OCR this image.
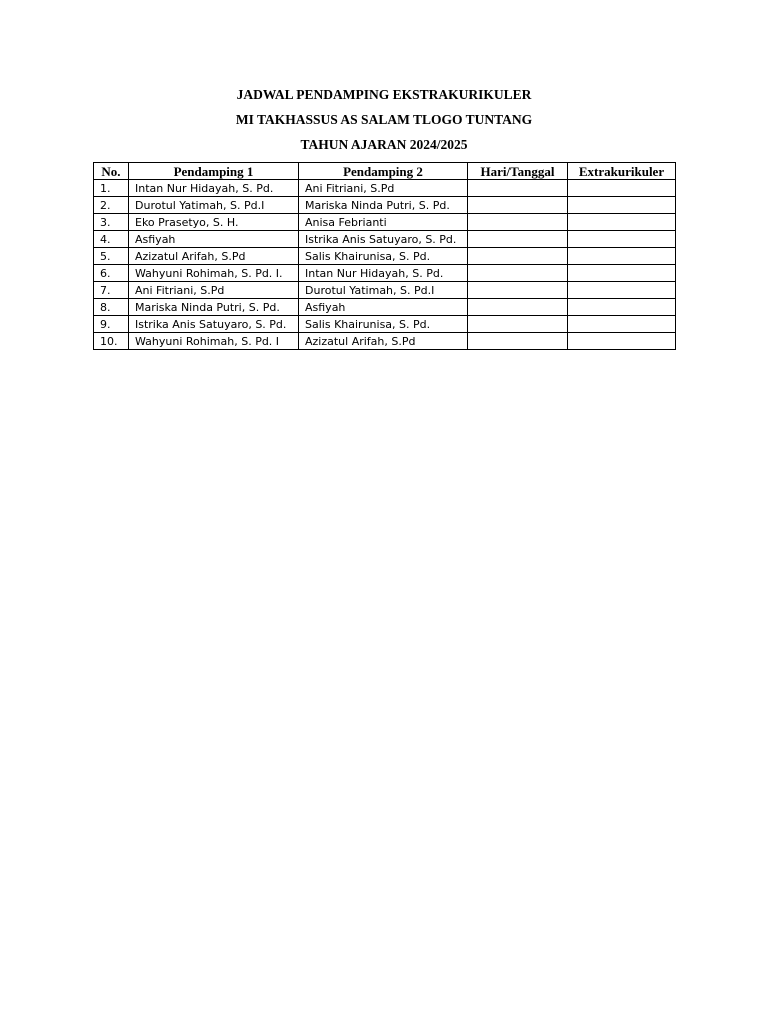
JADWAL PENDAMPING EKSTRAKURIKULER
MI TAKHASSUS AS SALAM TLOGO TUNTANG
TAHUN AJARAN 2024/2025
No.	Pendamping 1	Pendamping 2	Hari/Tanggal	Extrakurikuler
1.	Intan Nur Hidayah, S. Pd.	Ani Fitriani, S.Pd		
2.	Durotul Yatimah, S. Pd.I	Mariska Ninda Putri, S. Pd.		
3.	Eko Prasetyo, S. H.	Anisa Febrianti		
4.	Asfiyah	Istrika Anis Satuyaro, S. Pd.		
5.	Azizatul Arifah, S.Pd	Salis Khairunisa, S. Pd.		
6.	Wahyuni Rohimah, S. Pd. I.	Intan Nur Hidayah, S. Pd.		
7.	Ani Fitriani, S.Pd	Durotul Yatimah, S. Pd.I		
8.	Mariska Ninda Putri, S. Pd.	Asfiyah		
9.	Istrika Anis Satuyaro, S. Pd.	Salis Khairunisa, S. Pd.		
10.	Wahyuni Rohimah, S. Pd. I	Azizatul Arifah, S.Pd		
